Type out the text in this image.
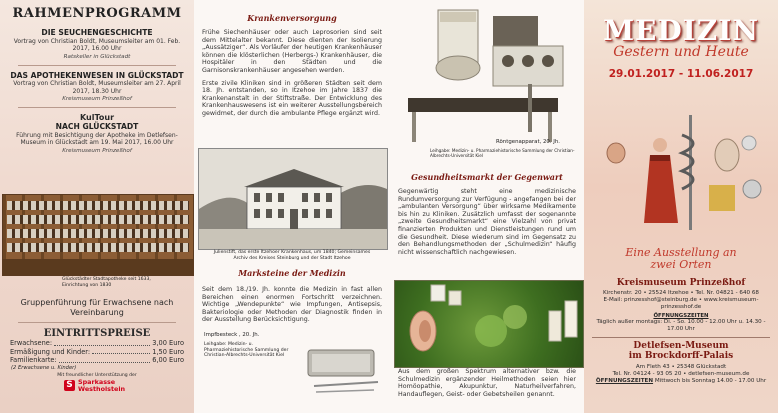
RAHMENPROGRAMM
DIE SEUCHENGESCHICHTE
Vortrag von Christian Boldt, Museumsleiter am 01. Feb. 2017, 16.00 Uhr
Ratskeller in Glückstadt
DAS APOTHEKENWESEN IN GLÜCKSTADT
Vortrag von Christian Boldt, Museumsleiter am 27. April 2017, 18.30 Uhr
Kreismuseum Prinzeßhof
KulTour
NACH GLÜCKSTADT
Führung mit Besichtigung der Apotheke im Detlefsen-Museum in Glückstadt am 19. Mai 2017, 16.00 Uhr
Kreismuseum Prinzeßhof
Glückstädter Stadtapotheke seit 1633, Einrichtung von 1830
Gruppenführung für Erwachsene nach Vereinbarung
EINTRITTSPREISE
Erwachsene:	3,00 Euro
Ermäßigung und Kinder:	1,50 Euro
Familienkarte:	6,00 Euro
(2 Erwachsene u. Kinder)
Mit freundlicher Unterstützung der
S Sparkasse Westholstein
Krankenversorgung
Frühe Siechenhäuser oder auch Leprosorien sind seit dem Mittelalter bekannt. Diese dienten der Isolierung „Aussätziger“. Als Vorläufer der heutigen Krankenhäuser können die klösterlichen (Herbergs-) Krankenhäuser, die Hospitäler in den Städten und die Garnisonskrankenhäuser angesehen werden.
Erste zivile Kliniken sind in größeren Städten seit dem 18. Jh. entstanden, so in Itzehoe im Jahre 1837 die Krankenanstalt in der Stiftstraße. Der Entwicklung des Krankenhauswesens ist ein weiterer Ausstellungsbereich gewidmet, der durch die ambulante Pflege ergänzt wird.
Julienstift, das erste Itzehoer Krankenhaus, um 1840; Gemeinsames Archiv des Kreises Steinburg und der Stadt Itzehoe
Marksteine der Medizin
Seit dem 18./19. Jh. konnte die Medizin in fast allen Bereichen einen enormen Fortschritt verzeichnen. Wichtige „Wendepunkte“ wie Impfungen, Antisepsis, Bakteriologie oder Methoden der Diagnostik finden in der Ausstellung Berücksichtigung.
Impfbesteck , 20. Jh.
Leihgabe: Medizin- u. Pharmaziehistorische Sammlung der Christian-Albrechts-Universität Kiel
Röntgenapparat, 20. Jh.
Leihgabe: Medizin- u. Pharmaziehistorische Sammlung der Christian-Albrechts-Universität Kiel
Gesundheitsmarkt der Gegenwart
Gegenwärtig steht eine medizinische Rundumversorgung zur Verfügung - angefangen bei der „ambulanten Versorgung“ über wirksame Medikamente bis hin zu Kliniken. Zusätzlich umfasst der sogenannte „zweite Gesundheitsmarkt“ eine Vielzahl von privat finanzierten Produkten und Dienstleistungen rund um die Gesundheit. Diese wiederum sind im Gegensatz zu den Behandlungsmethoden der „Schulmedizin“ häufig nicht wissenschaftlich nachgewiesen.
Aus dem großen Spektrum alternativer bzw. die Schulmedizin ergänzender Heilmethoden seien hier Homöopathie, Akupunktur, Naturheilverfahren, Handauflegen, Geist- oder Gebetsheilen genannt.
MEDIZIN
Gestern und Heute
29.01.2017 - 11.06.2017
Eine Ausstellung an zwei Orten
Kreismuseum Prinzeßhof
Kirchenstr. 20 • 25524 Itzehoe • Tel. Nr. 04821 - 640 68
E-Mail: prinzesshof@steinburg.de • www.kreismuseum-prinzesshof.de
ÖFFNUNGSZEITEN
Täglich außer montags: Di. - So. 10.00 - 12.00 Uhr u. 14.30 - 17.00 Uhr
Detlefsen-Museum
im Brockdorff-Palais
Am Fleth 43 • 25348 Glückstadt
Tel. Nr. 04124 - 93 05 20 • detlefsen-museum.de
ÖFFNUNGSZEITEN Mittwoch bis Sonntag 14.00 - 17.00 Uhr
